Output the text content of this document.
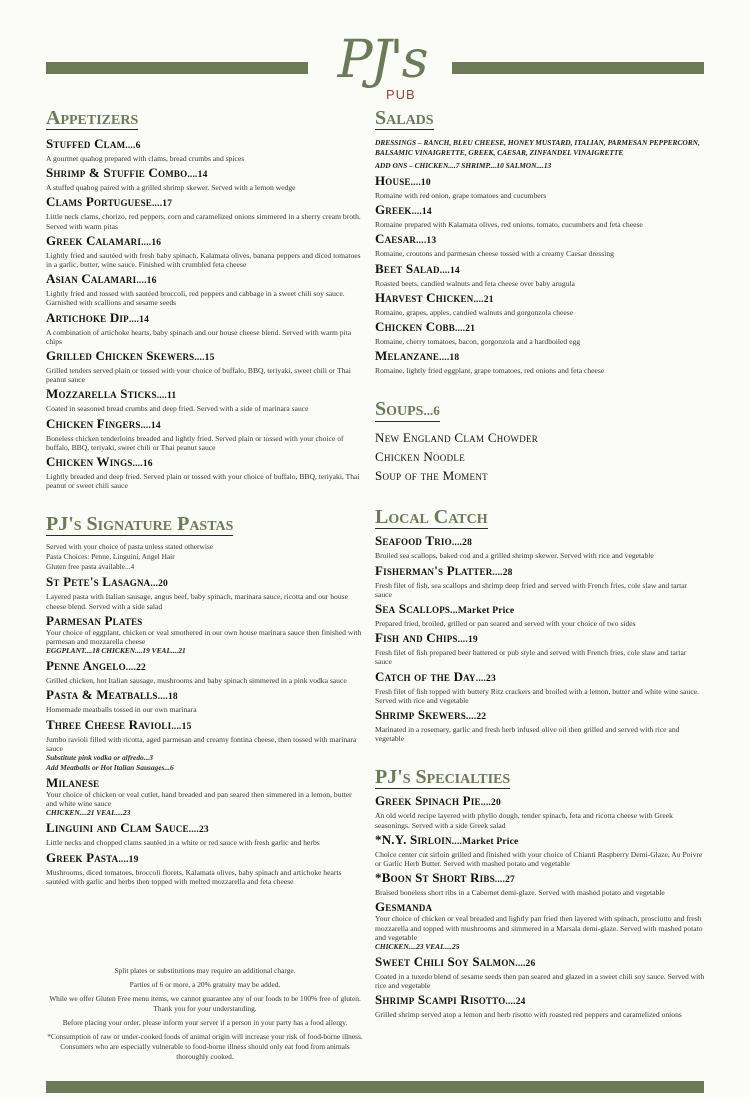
PJ's
PUB
Appetizers
Stuffed Clam....6
A gourmet quahog prepared with clams, bread crumbs and spices
Shrimp & Stuffie Combo....14
A stuffed quahog paired with a grilled shrimp skewer. Served with a lemon wedge
Clams Portuguese....17
Little neck clams, chorizo, red peppers, corn and caramelized onions simmered in a sherry cream broth. Served with warm pitas
Greek Calamari....16
Lightly fried and sautéed with fresh baby spinach, Kalamata olives, banana peppers and diced tomatoes in a garlic, butter, wine sauce. Finished with crumbled feta cheese
Asian Calamari....16
Lightly fried and tossed with sautéed broccoli, red peppers and cabbage in a sweet chili soy sauce. Garnished with scallions and sesame seeds
Artichoke Dip....14
A combination of artichoke hearts, baby spinach and our house cheese blend. Served with warm pita chips
Grilled Chicken Skewers....15
Grilled tenders served plain or tossed with your choice of buffalo, BBQ, teriyaki, sweet chili or Thai peanut sauce
Mozzarella Sticks....11
Coated in seasoned bread crumbs and deep fried. Served with a side of marinara sauce
Chicken Fingers....14
Boneless chicken tenderloins breaded and lightly fried. Served plain or tossed with your choice of buffalo, BBQ, teriyaki, sweet chili or Thai peanut sauce
Chicken Wings....16
Lightly breaded and deep fried. Served plain or tossed with your choice of buffalo, BBQ, teriyaki, Thai peanut or sweet chili sauce
PJ's Signature Pastas
Served with your choice of pasta unless stated otherwise
Pasta Choices: Penne, Linguini, Angel Hair
Gluten free pasta available...4
St Pete's Lasagna...20
Layered pasta with Italian sausage, angus beef, baby spinach, marinara sauce, ricotta and our house cheese blend. Served with a side salad
Parmesan Plates
Your choice of eggplant, chicken or veal smothered in our own house marinara sauce then finished with parmesan and mozzarella cheese
EGGPLANT....18 CHICKEN....19 VEAL....21
Penne Angelo....22
Grilled chicken, hot Italian sausage, mushrooms and baby spinach simmered in a pink vodka sauce
Pasta & Meatballs....18
Homemade meatballs tossed in our own marinara
Three Cheese Ravioli....15
Jumbo ravioli filled with ricotta, aged parmesan and creamy fontina cheese, then tossed with marinara sauce
Substitute pink vodka or alfredo...3
Add Meatballs or Hot Italian Sausages...6
Milanese
Your choice of chicken or veal cutlet, hand breaded and pan seared then simmered in a lemon, butter and white wine sauce
CHICKEN....21 VEAL....23
Linguini and Clam Sauce....23
Little necks and chopped clams sautéed in a white or red sauce with fresh garlic and herbs
Greek Pasta....19
Mushrooms, diced tomatoes, broccoli florets, Kalamata olives, baby spinach and artichoke hearts sautéed with garlic and herbs then topped with melted mozzarella and feta cheese

Split plates or substitutions may require an additional charge.

Parties of 6 or more, a 20% gratuity may be added.

While we offer Gluten Free menu items, we cannot guarantee any of our foods to be 100% free of gluten. Thank you for your understanding.

Before placing your order, please inform your server if a person in your party has a food allergy.

*Consumption of raw or under-cooked foods of animal origin will increase your risk of food-borne illness. Consumers who are especially vulnerable to food-borne illness should only eat food from animals thoroughly cooked.

Salads
DRESSINGS – RANCH, BLEU CHEESE, HONEY MUSTARD, ITALIAN, PARMESAN PEPPERCORN, BALSAMIC VINAIGRETTE, GREEK, CAESAR, ZINFANDEL VINAIGRETTE
ADD ONS – CHICKEN....7 SHRIMP....10 SALMON....13
House....10
Romaine with red onion, grape tomatoes and cucumbers
Greek....14
Romaine prepared with Kalamata olives, red onions, tomato, cucumbers and feta cheese
Caesar....13
Romaine, croutons and parmesan cheese tossed with a creamy Caesar dressing
Beet Salad....14
Roasted beets, candied walnuts and feta cheese over baby arugula
Harvest Chicken....21
Romaine, grapes, apples, candied walnuts and gorgonzola cheese
Chicken Cobb....21
Romaine, cherry tomatoes, bacon, gorgonzola and a hardboiled egg
Melanzane....18
Romaine, lightly fried eggplant, grape tomatoes, red onions and feta cheese
Soups...6
New England Clam Chowder
Chicken Noodle
Soup of the Moment
Local Catch
Seafood Trio....28
Broiled sea scallops, baked cod and a grilled shrimp skewer. Served with rice and vegetable
Fisherman's Platter....28
Fresh filet of fish, sea scallops and shrimp deep fried and served with French fries, cole slaw and tartar sauce
Sea Scallops...Market Price
Prepared fried, broiled, grilled or pan seared and served with your choice of two sides
Fish and Chips....19
Fresh filet of fish prepared beer battered or pub style and served with French fries, cole slaw and tartar sauce
Catch of the Day....23
Fresh filet of fish topped with buttery Ritz crackers and broiled with a lemon, butter and white wine sauce. Served with rice and vegetable
Shrimp Skewers....22
Marinated in a rosemary, garlic and fresh herb infused olive oil then grilled and served with rice and vegetable
PJ's Specialties
Greek Spinach Pie....20
An old world recipe layered with phyllo dough, tender spinach, feta and ricotta cheese with Greek seasonings. Served with a side Greek salad
*N.Y. Sirloin....Market Price
Choice center cut sirloin grilled and finished with your choice of Chianti Raspberry Demi-Glaze, Au Poivre or Garlic Herb Butter. Served with mashed potato and vegetable
*Boon St Short Ribs....27
Braised boneless short ribs in a Cabernet demi-glaze. Served with mashed potato and vegetable
Gesmanda
Your choice of chicken or veal breaded and lightly pan fried then layered with spinach, prosciutto and fresh mozzarella and topped with mushrooms and simmered in a Marsala demi-glaze. Served with mashed potato and vegetable
CHICKEN....23 VEAL....25
Sweet Chili Soy Salmon....26
Coated in a tuxedo blend of sesame seeds then pan seared and glazed in a sweet chili soy sauce. Served with rice and vegetable
Shrimp Scampi Risotto....24
Grilled shrimp served atop a lemon and herb risotto with roasted red peppers and caramelized onions
